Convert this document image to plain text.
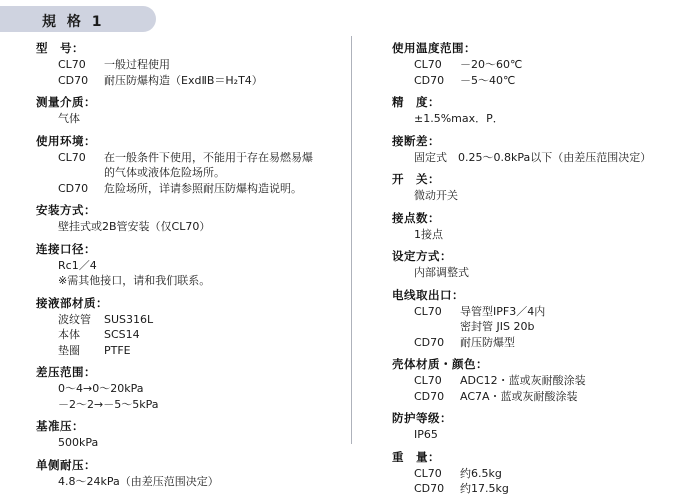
規 格 1
型　号：
CL70	一般过程使用
CD70	耐压防爆构造（ExdⅡB＝H₂T4）
测量介质：
气体
使用环境：
CL70	在一般条件下使用，不能用于存在易燃易爆
的气体或液体危险场所。
CD70	危险场所，详请参照耐压防爆构造说明。
安装方式：
壁挂式或2B管安装（仅CL70）
连接口径：
Rc1／4
※需其他接口，请和我们联系。
接液部材质：
波纹管	SUS316L
本体	SCS14
垫圈	PTFE
差压范围：
0～4→0～20kPa
－2～2→－5～5kPa
基准压：
500kPa
单侧耐压：
4.8～24kPa（由差压范围决定）
使用温度范围：
CL70	－20～60℃
CD70	－5～40℃
精　度：
±1.5%max．P．
接断差：
固定式　0.25～0.8kPa以下（由差压范围决定）
开　关：
微动开关
接点数：
1接点
设定方式：
内部调整式
电线取出口：
CL70	导管型IPF3／4内
密封管 JIS 20b
CD70	耐压防爆型
壳体材质・颜色：
CL70	ADC12・蓝或灰耐酸涂装
CD70	AC7A・蓝或灰耐酸涂装
防护等级：
IP65
重　量：
CL70	约6.5kg
CD70	约17.5kg
